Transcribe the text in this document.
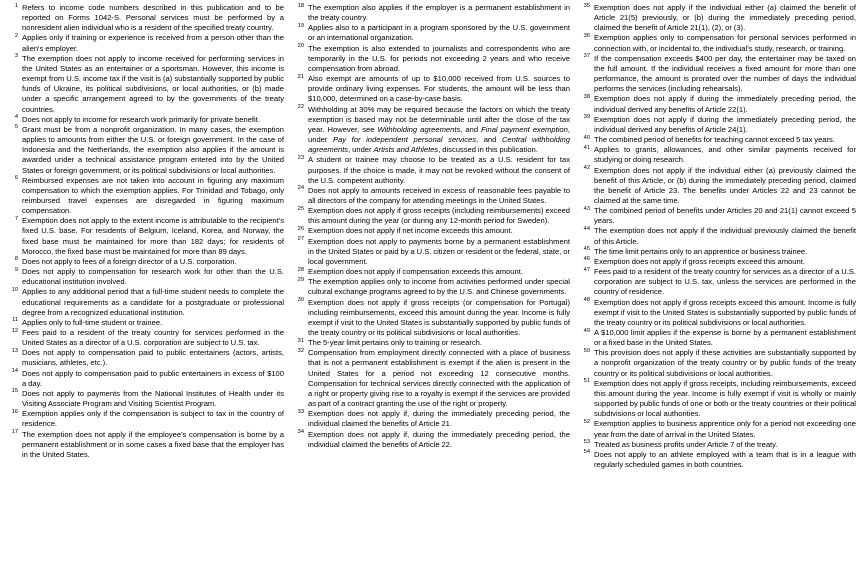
1 Refers to income code numbers described in this publication and to be reported on Forms 1042-S. Personal services must be performed by a nonresident alien individual who is a resident of the specified treaty country.
2 Applies only if training or experience is received from a person other than the alien's employer.
3 The exemption does not apply to income received for performing services in the United States as an entertainer or a sportsman. However, this income is exempt from U.S. income tax if the visit is (a) substantially supported by public funds of Ukraine, its political subdivisions, or local authorities, or (b) made under a specific arrangement agreed to by the governments of the treaty countries.
4 Does not apply to income for research work primarily for private benefit.
5 Grant must be from a nonprofit organization. In many cases, the exemption applies to amounts from either the U.S. or foreign government. In the case of Indonesia and the Netherlands, the exemption also applies if the amount is awarded under a technical assistance program entered into by the United States or foreign government, or its political subdivisions or local authorities.
6 Reimbursed expenses are not taken into account in figuring any maximum compensation to which the exemption applies. For Trinidad and Tobago, only reimbursed travel expenses are disregarded in figuring maximum compensation.
7 Exemption does not apply to the extent income is attributable to the recipient's fixed U.S. base. For residents of Belgium, Iceland, Korea, and Norway, the fixed base must be maintained for more than 182 days; for residents of Morocco, the fixed base must be maintained for more than 89 days.
8 Does not apply to fees of a foreign director of a U.S. corporation.
9 Does not apply to compensation for research work for other than the U.S. educational institution involved.
10 Applies to any additional period that a full-time student needs to complete the educational requirements as a candidate for a postgraduate or professional degree from a recognized educational institution.
11 Applies only to full-time student or trainee.
12 Fees paid to a resident of the treaty country for services performed in the United States as a director of a U.S. corporation are subject to U.S. tax.
13 Does not apply to compensation paid to public entertainers (actors, artists, musicians, athletes, etc.).
14 Does not apply to compensation paid to public entertainers in excess of $100 a day.
15 Does not apply to payments from the National Institutes of Health under its Visiting Associate Program and Visiting Scientist Program.
16 Exemption applies only if the compensation is subject to tax in the country of residence.
17 The exemption does not apply if the employee's compensation is borne by a permanent establishment or in some cases a fixed base that the employer has in the United States.
18 The exemption also applies if the employer is a permanent establishment in the treaty country.
19 Applies also to a participant in a program sponsored by the U.S. government or an international organization.
20 The exemption is also extended to journalists and correspondents who are temporarily in the U.S. for periods not exceeding 2 years and who receive compensation from abroad.
21 Also exempt are amounts of up to $10,000 received from U.S. sources to provide ordinary living expenses. For students, the amount will be less than $10,000, determined on a case-by-case basis.
22 Withholding at 30% may be required because the factors on which the treaty exemption is based may not be determinable until after the close of the tax year. However, see Withholding agreements, and Final payment exemption, under Pay for independent personal services, and Central withholding agreements, under Artists and Athletes, discussed in this publication.
23 A student or trainee may choose to be treated as a U.S. resident for tax purposes. If the choice is made, it may not be revoked without the consent of the U.S. competent authority.
24 Does not apply to amounts received in excess of reasonable fees payable to all directors of the company for attending meetings in the United States.
25 Exemption does not apply if gross receipts (including reimbursements) exceed this amount during the year (or during any 12-month period for Sweden).
26 Exemption does not apply if net income exceeds this amount.
27 Exemption does not apply to payments borne by a permanent establishment in the United States or paid by a U.S. citizen or resident or the federal, state, or local government.
28 Exemption does not apply if compensation exceeds this amount.
29 The exemption applies only to income from activities performed under special cultural exchange programs agreed to by the U.S. and Chinese governments.
30 Exemption does not apply if gross receipts (or compensation for Portugal) including reimbursements, exceed this amount during the year. Income is fully exempt if visit to the United States is substantially supported by public funds of the treaty country or its political subdivisions or local authorities.
31 The 5-year limit pertains only to training or research.
32 Compensation from employment directly connected with a place of business that is not a permanent establishment is exempt if the alien is present in the United States for a period not exceeding 12 consecutive months. Compensation for technical services directly connected with the application of a right or property giving rise to a royalty is exempt if the services are provided as part of a contract granting the use of the right or property.
33 Exemption does not apply if, during the immediately preceding period, the individual claimed the benefits of Article 21.
34 Exemption does not apply if, during the immediately preceding period, the individual claimed the benefits of Article 22.
35 Exemption does not apply if the individual either (a) claimed the benefit of Article 21(5) previously, or (b) during the immediately preceding period, claimed the benefit of Article 21(1), (2), or (3).
36 Exemption applies only to compensation for personal services performed in connection with, or incidental to, the individual's study, research, or training.
37 If the compensation exceeds $400 per day, the entertainer may be taxed on the full amount. If the individual receives a fixed amount for more than one performance, the amount is prorated over the number of days the individual performs the services (including rehearsals).
38 Exemption does not apply if during the immediately preceding period, the individual derived any benefits of Article 22(1).
39 Exemption does not apply if during the immediately preceding period, the individual derived any benefits of Article 24(1).
40 The combined period of benefits for teaching cannot exceed 5 tax years.
41 Applies to grants, allowances, and other similar payments received for studying or doing research.
42 Exemption does not apply if the individual either (a) previously claimed the benefit of this Article, or (b) during the immediately preceding period, claimed the benefit of Article 23. The benefits under Articles 22 and 23 cannot be claimed at the same time.
43 The combined period of benefits under Articles 20 and 21(1) cannot exceed 5 years.
44 The exemption does not apply if the individual previously claimed the benefit of this Article.
45 The time limit pertains only to an apprentice or business trainee.
46 Exemption does not apply if gross receipts exceed this amount.
47 Fees paid to a resident of the treaty country for services as a director of a U.S. corporation are subject to U.S. tax, unless the services are performed in the country of residence.
48 Exemption does not apply if gross receipts exceed this amount. Income is fully exempt if visit to the United States is substantially supported by public funds of the treaty country or its political subdivisions or local authorities.
49 A $10,000 limit applies if the expense is borne by a permanent establishment or a fixed base in the United States.
50 This provision does not apply if these activities are substantially supported by a nonprofit organization of the treaty country or by public funds of the treaty country or its political subdivisions or local authorities.
51 Exemption does not apply if gross receipts, including reimbursements, exceed this amount during the year. Income is fully exempt if visit is wholly or mainly supported by public funds of one or both or the treaty countries or their political subdivisions or local authorities.
52 Exemption applies to business apprentice only for a period not exceeding one year from the date of arrival in the United States.
53 Treated as business profits under Article 7 of the treaty.
54 Does not apply to an athlete employed with a team that is in a league with regularly scheduled games in both countries.
